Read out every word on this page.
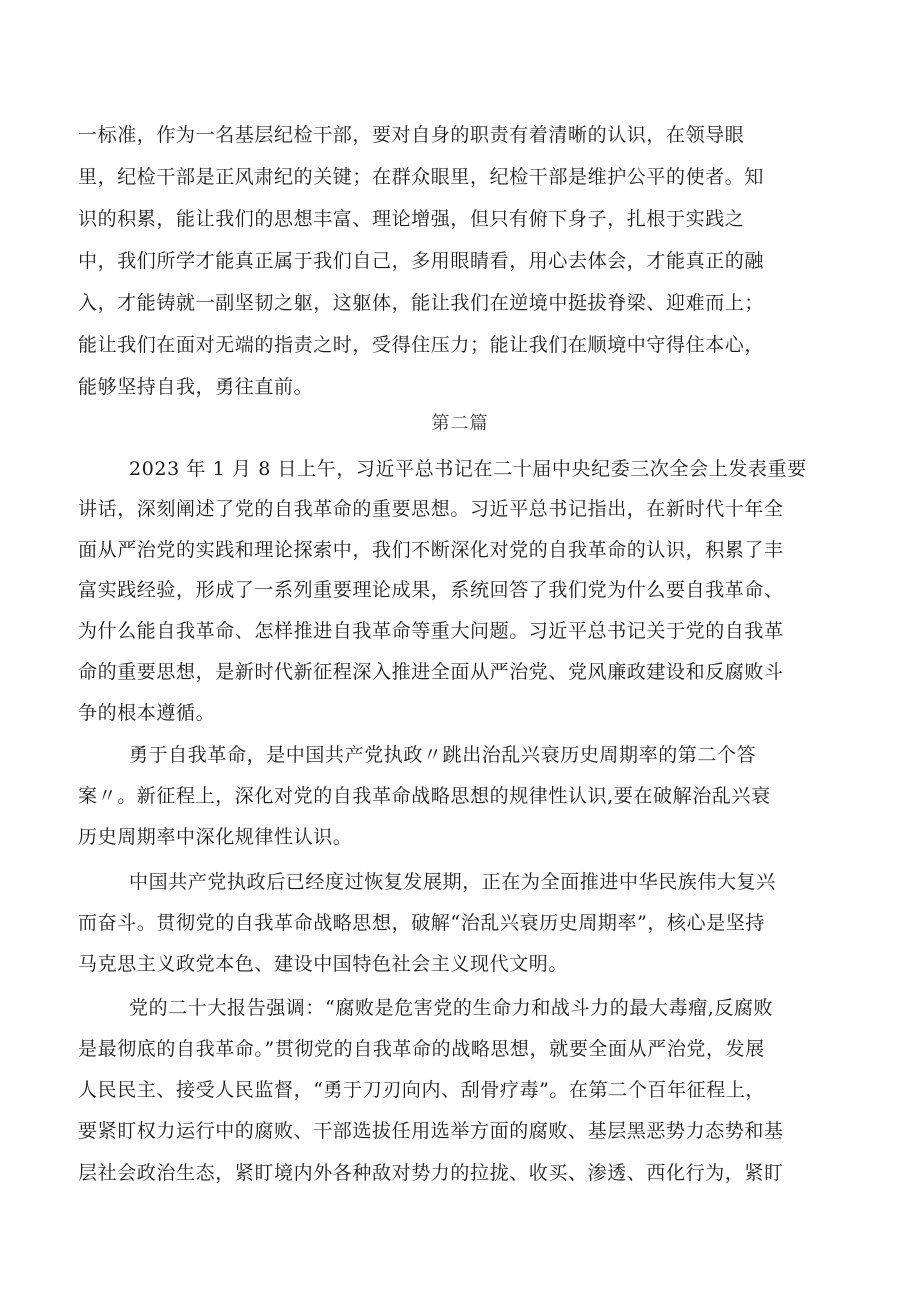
一标准，作为一名基层纪检干部，要对自身的职责有着清晰的认识，在领导眼
里，纪检干部是正风肃纪的关键；在群众眼里，纪检干部是维护公平的使者。知
识的积累，能让我们的思想丰富、理论增强，但只有俯下身子，扎根于实践之
中，我们所学才能真正属于我们自己，多用眼睛看，用心去体会，才能真正的融
入，才能铸就一副坚韧之躯，这躯体，能让我们在逆境中挺拔脊梁、迎难而上；
能让我们在面对无端的指责之时，受得住压力；能让我们在顺境中守得住本心，
能够坚持自我，勇往直前。
第二篇
2023 年 1 月 8 日上午，习近平总书记在二十届中央纪委三次全会上发表重要
讲话，深刻阐述了党的自我革命的重要思想。习近平总书记指出，在新时代十年全
面从严治党的实践和理论探索中，我们不断深化对党的自我革命的认识，积累了丰
富实践经验，形成了一系列重要理论成果，系统回答了我们党为什么要自我革命、
为什么能自我革命、怎样推进自我革命等重大问题。习近平总书记关于党的自我革
命的重要思想，是新时代新征程深入推进全面从严治党、党风廉政建设和反腐败斗
争的根本遵循。
勇于自我革命，是中国共产党执政〃跳出治乱兴衰历史周期率的第二个答
案〃。新征程上，深化对党的自我革命战略思想的规律性认识,要在破解治乱兴衰
历史周期率中深化规律性认识。
中国共产党执政后已经度过恢复发展期，正在为全面推进中华民族伟大复兴
而奋斗。贯彻党的自我革命战略思想，破解“治乱兴衰历史周期率”，核心是坚持
马克思主义政党本色、建设中国特色社会主义现代文明。
党的二十大报告强调：“腐败是危害党的生命力和战斗力的最大毒瘤,反腐败
是最彻底的自我革命。”贯彻党的自我革命的战略思想，就要全面从严治党，发展
人民民主、接受人民监督，“勇于刀刃向内、刮骨疗毒”。在第二个百年征程上，
要紧盯权力运行中的腐败、干部选拔任用选举方面的腐败、基层黑恶势力态势和基
层社会政治生态，紧盯境内外各种敌对势力的拉拢、收买、渗透、西化行为，紧盯
